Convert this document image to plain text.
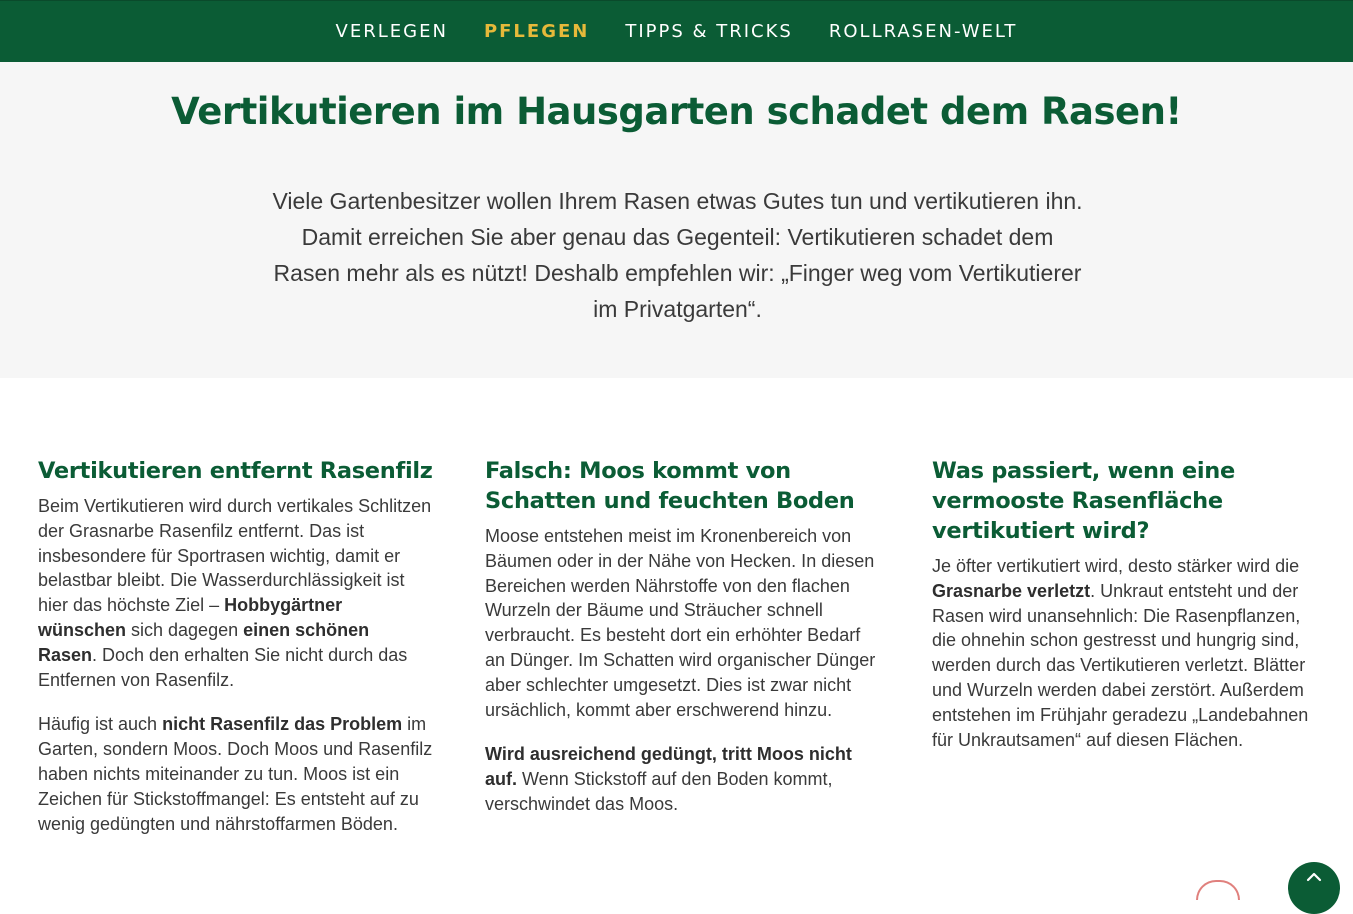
VERLEGEN PFLEGEN TIPPS & TRICKS ROLLRASEN-WELT
Vertikutieren im Hausgarten schadet dem Rasen!

Viele Gartenbesitzer wollen Ihrem Rasen etwas Gutes tun und vertikutieren ihn. Damit erreichen Sie aber genau das Gegenteil: Vertikutieren schadet dem Rasen mehr als es nützt! Deshalb empfehlen wir: „Finger weg vom Vertikutierer im Privatgarten“.

Vertikutieren entfernt Rasenfilz

Beim Vertikutieren wird durch vertikales Schlitzen der Grasnarbe Rasenfilz entfernt. Das ist insbesondere für Sportrasen wichtig, damit er belastbar bleibt. Die Wasserdurchlässigkeit ist hier das höchste Ziel – Hobbygärtner wünschen sich dagegen einen schönen Rasen. Doch den erhalten Sie nicht durch das Entfernen von Rasenfilz.

Häufig ist auch nicht Rasenfilz das Problem im Garten, sondern Moos. Doch Moos und Rasenfilz haben nichts miteinander zu tun. Moos ist ein Zeichen für Stickstoffmangel: Es entsteht auf zu wenig gedüngten und nährstoffarmen Böden.

Falsch: Moos kommt von Schatten und feuchten Boden

Moose entstehen meist im Kronenbereich von Bäumen oder in der Nähe von Hecken. In diesen Bereichen werden Nährstoffe von den flachen Wurzeln der Bäume und Sträucher schnell verbraucht. Es besteht dort ein erhöhter Bedarf an Dünger. Im Schatten wird organischer Dünger aber schlechter umgesetzt. Dies ist zwar nicht ursächlich, kommt aber erschwerend hinzu.

Wird ausreichend gedüngt, tritt Moos nicht auf. Wenn Stickstoff auf den Boden kommt, verschwindet das Moos.

Was passiert, wenn eine vermooste Rasenfläche vertikutiert wird?

Je öfter vertikutiert wird, desto stärker wird die Grasnarbe verletzt. Unkraut entsteht und der Rasen wird unansehnlich: Die Rasenpflanzen, die ohnehin schon gestresst und hungrig sind, werden durch das Vertikutieren verletzt. Blätter und Wurzeln werden dabei zerstört. Außerdem entstehen im Frühjahr geradezu „Landebahnen für Unkrautsamen“ auf diesen Flächen.
